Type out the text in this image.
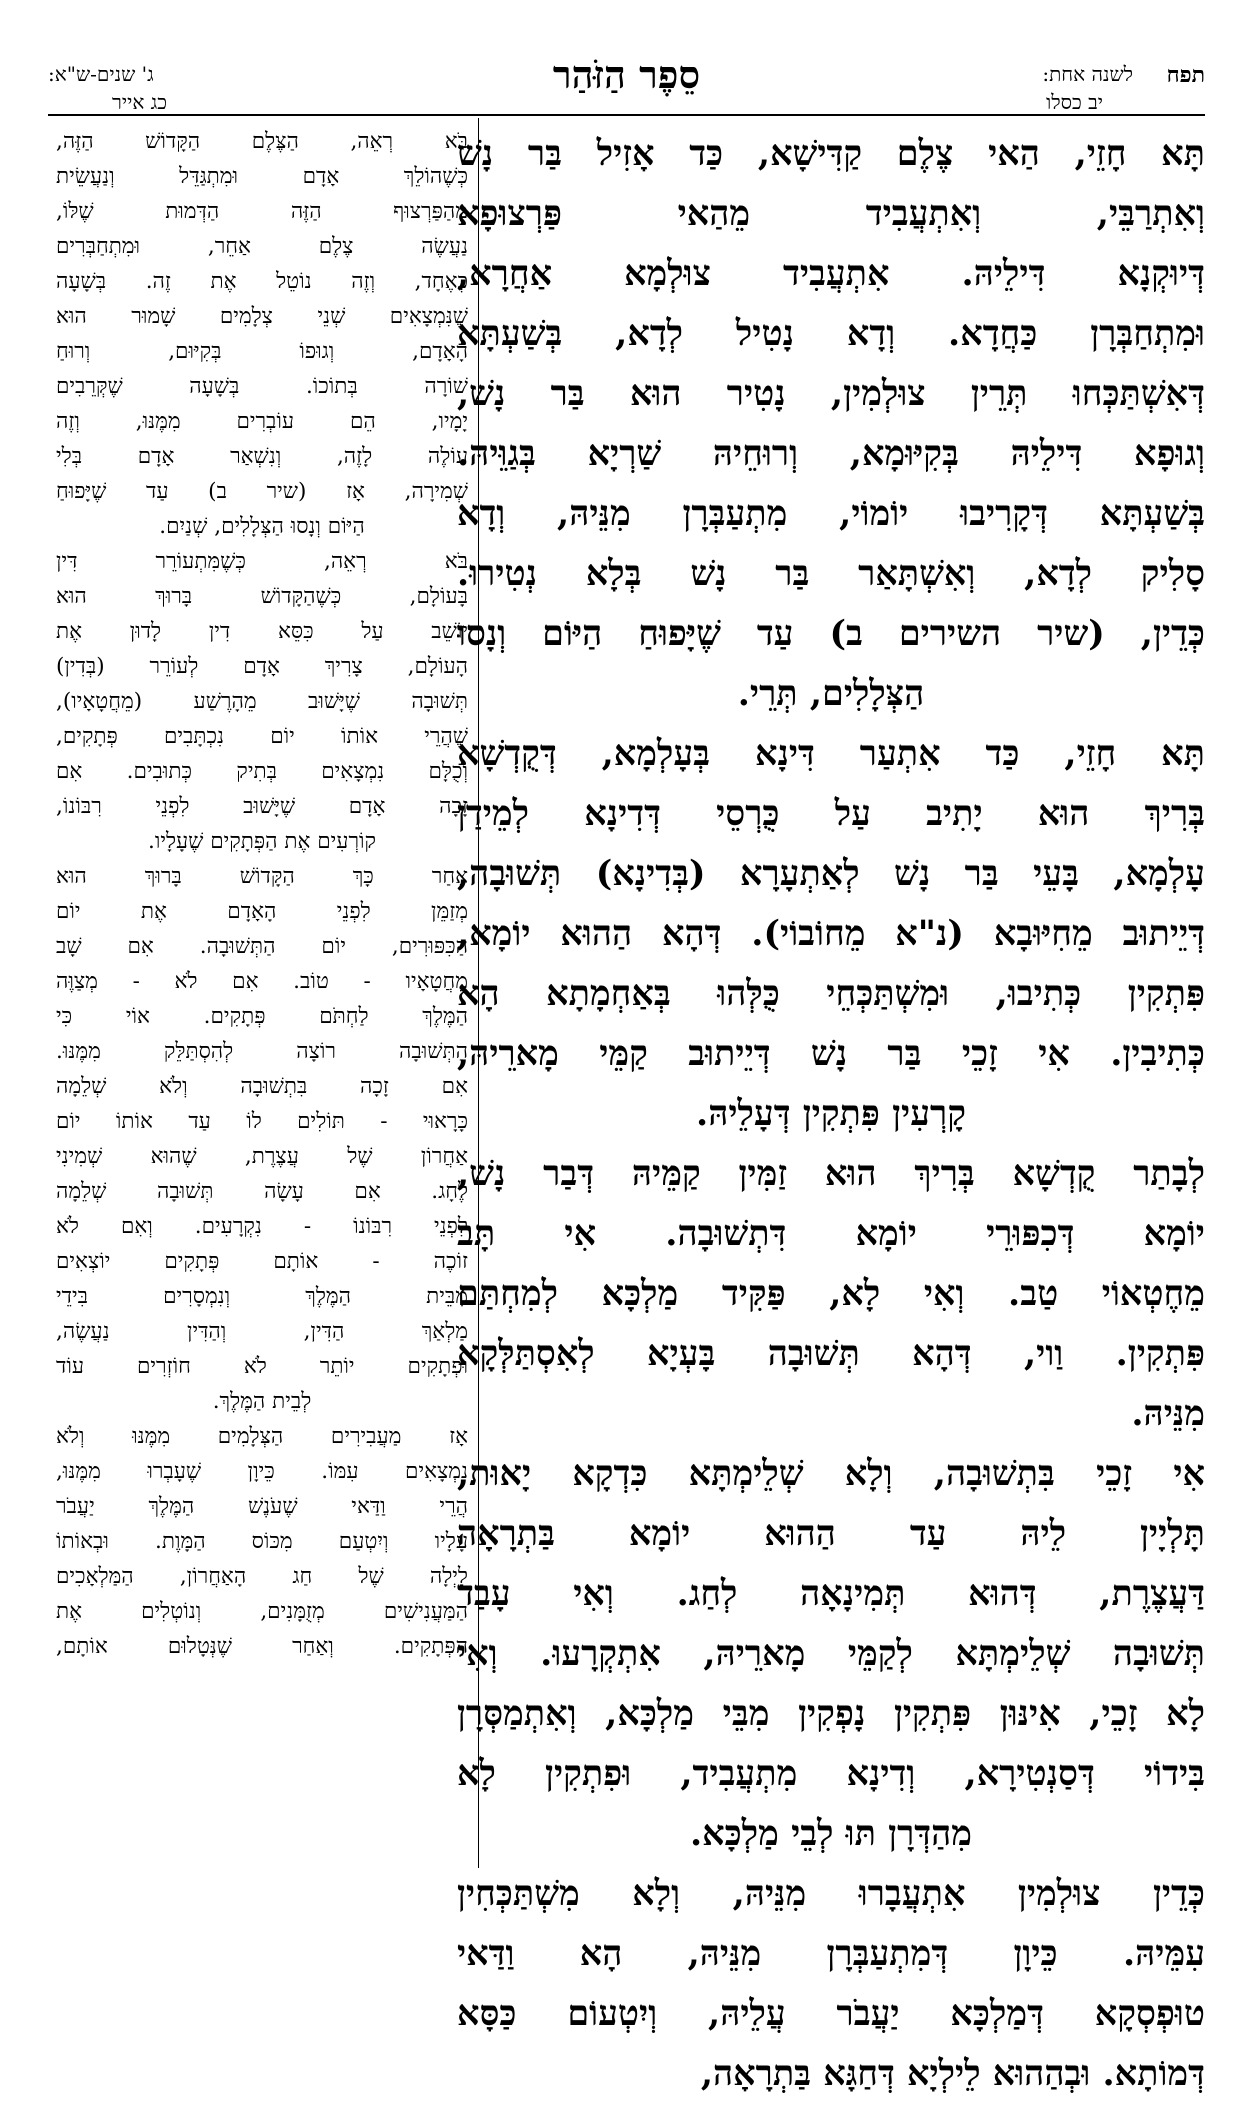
תפח
לשנה אחת:
יב כסלו
סֵפֶר הַזֹּהַר
ג' שנים-ש"א:
כג אייר

תָּא חָזֵי, הַאי צֶלֶם קַדִּישָׁא, כַּד אָזִיל בַּר נָשׁ

וְאִתְרַבֵּי, וְאִתְעֲבִיד מֵהַאי פַּרְצוּפָא

דְּיוּקְנָא דִּילֵיהּ. אִתְעֲבִיד צוּלְמָא אַחֲרָא,

וּמִתְחַבְּרָן כַּחֲדָא. וְדָא נָטִיל לְדָא, בְּשַׁעְתָּא

דְּאִשְׁתַּכְּחוּ תְּרֵין צוּלְמִין, נָטִיר הוּא בַּר נָשׁ,

וְגוּפָא דִּילֵיהּ בְּקִיּוּמָא, וְרוּחֵיהּ שַׁרְיָא בְּגַוֵּיהּ.

בְּשַׁעְתָּא דְּקָרִיבוּ יוֹמוֹי, מִתְעַבְּרָן מִנֵּיהּ, וְדָא

סָלִיק לְדָא, וְאִשְׁתָּאַר בַּר נָשׁ בְּלָא נְטִירוּ.

כְּדֵין, (שיר השירים ב) עַד שֶׁיָּפוּחַ הַיּוֹם וְנָסוּ

הַצְּלָלִים, תְּרֵי.

תָּא חָזֵי, כַּד אִתְעַר דִּינָא בְּעָלְמָא, דְּקֻדְשָׁא

בְּרִיךְ הוּא יָתִיב עַל כֻּרְסֵי דְּדִינָא לְמֵידַן

עָלְמָא, בָּעֵי בַּר נָשׁ לְאַתְעָרָא (בְּדִינָא) תְּשׁוּבָה,

דְּיֵיתוּב מֵחִיּוּבָא (נ"א מֵחוֹבוֹי). דְּהָא הַהוּא יוֹמָא,

פִּתְקִין כְּתִיבוּ, וּמִשְׁתַּכְּחֵי כֻּלְּהוּ בְּאַחְמָתָא הָא

כְּתִיבִין. אִי זָכֵי בַּר נָשׁ דְּיֵיתוּב קַמֵּי מָארֵיהּ,

קָרְעִין פִּתְקִין דְּעָלֵיהּ.

לְבָתַר קֻדְשָׁא בְּרִיךְ הוּא זַמִּין קַמֵּיהּ דְּבַר נָשׁ,

יוֹמָא דְּכִפּוּרֵי יוֹמָא דִּתְשׁוּבָה. אִי תָּב

מֵחֶטְאוֹי טַב. וְאִי לָא, פַּקִּיד מַלְכָּא לְמִחְתַּם

פִּתְקִין. וַוי, דְּהָא תְּשׁוּבָה בָּעְיָא לְאִסְתַּלְּקָא

מִנֵּיהּ.

אִי זָכֵי בִּתְשׁוּבָה, וְלָא שְׁלֵימְתָּא כִּדְקָא יָאוּת,

תָּלְיָין לֵיהּ עַד הַהוּא יוֹמָא בַּתְרָאָה

דַּעֲצֶרֶת, דְּהוּא תְּמִינָאָה לְחַג. וְאִי עָבַד

תְּשׁוּבָה שְׁלֵימְתָּא לְקַמֵּי מָארֵיהּ, אִתְקְרָעוּ. וְאִי

לָא זָכֵי, אִינּוּן פִּתְקִין נָפְקִין מִבֵּי מַלְכָּא, וְאִתְמַסְּרָן

בִּידוֹי דְּסַנְטִירָא, וְדִינָא מִתְעֲבִיד, וּפִתְקִין לָא

מִהַדְּרָן תּוּ לְבֵי מַלְכָּא.

כְּדֵין צוּלְמִין אִתְעֲבָרוּ מִנֵּיהּ, וְלָא מִשְׁתַּכְּחִין

עִמֵּיהּ. כֵּיוָן דְּמִתְעַבְּרָן מִנֵּיהּ, הָא וַדַּאי

טוּפְסְקָא דְּמַלְכָּא יַעֲבֹר עֲלֵיהּ, וְיִטְעוֹם כַּסָּא

דְּמוֹתָא. וּבְהַהוּא לֵילְיָא דְּחַגָּא בַּתְרָאָה,

בֹּא רְאֵה, הַצֶּלֶם הַקָּדוֹשׁ הַזֶּה,

כְּשֶׁהוֹלֵךְ אָדָם וּמִתְגַּדֵּל וְנַעֲשֵׂית

מֵהַפַּרְצוּף הַזֶּה הַדְּמוּת שֶׁלּוֹ,

נַעֲשֶׂה צֶלֶם אַחֵר, וּמִתְחַבְּרִים

כְּאֶחָד, וְזֶה נוֹטֵל אֶת זֶה. בְּשָׁעָה

שֶׁנִּמְצָאִים שְׁנֵי צְלָמִים שָׁמוּר הוּא

הָאָדָם, וְגוּפוֹ בְּקִיּוּם, וְרוּחַ

שׁוֹרָה בְּתוֹכוֹ. בְּשָׁעָה שֶׁקְּרֵבִים

יָמָיו, הֵם עוֹבְרִים מִמֶּנּוּ, וְזֶה

עוֹלֶה לָזֶה, וְנִשְׁאַר אָדָם בְּלִי

שְׁמִירָה, אָז (שיר ב) עַד שֶׁיָּפוּחַ

הַיּוֹם וְנָסוּ הַצְּלָלִים, שְׁנַיִם.

בֹּא רְאֵה, כְּשֶׁמִּתְעוֹרֵר דִּין

בָּעוֹלָם, כְּשֶׁהַקָּדוֹשׁ בָּרוּךְ הוּא

יוֹשֵׁב עַל כִּסֵּא דִין לָדוּן אֶת

הָעוֹלָם, צָרִיךְ אָדָם לְעוֹרֵר (בְּדִין)

תְּשׁוּבָה שֶׁיָּשׁוּב מֵהָרֶשַׁע (מֵחֲטָאָיו),

שֶׁהֲרֵי אוֹתוֹ יוֹם נִכְתָּבִים פְּתָקִים,

וְכֻלָּם נִמְצָאִים בְּתִיק כְּתוּבִים. אִם

זָכָה אָדָם שֶׁיָּשׁוּב לִפְנֵי רִבּוֹנוֹ,

קוֹרְעִים אֶת הַפְּתָקִים שֶׁעָלָיו.

אַחַר כָּךְ הַקָּדוֹשׁ בָּרוּךְ הוּא

מְזַמֵּן לִפְנֵי הָאָדָם אֶת יוֹם

הַכִּפּוּרִים, יוֹם הַתְּשׁוּבָה. אִם שָׁב

מֵחֲטָאָיו - טוֹב. אִם לֹא - מְצַוֶּה

הַמֶּלֶךְ לַחְתֹּם פְּתָקִים. אוֹי כִּי

הַתְּשׁוּבָה רוֹצָה לְהִסְתַּלֵּק מִמֶּנּוּ.

אִם זָכָה בִּתְשׁוּבָה וְלֹא שְׁלֵמָה

כָּרָאוּי - תּוֹלִים לוֹ עַד אוֹתוֹ יוֹם

אַחֲרוֹן שֶׁל עֲצֶרֶת, שֶׁהוּא שְׁמִינִי

לֶחָג. אִם עָשָׂה תְּשׁוּבָה שְׁלֵמָה

לִפְנֵי רִבּוֹנוֹ - נִקְרָעִים. וְאִם לֹא

זוֹכֶה - אוֹתָם פְּתָקִים יוֹצְאִים

מִבֵּית הַמֶּלֶךְ וְנִמְסָרִים בִּידֵי

מַלְאַךְ הַדִּין, וְהַדִּין נַעֲשֶׂה,

וּפְתָקִים יוֹתֵר לֹא חוֹזְרִים עוֹד

לְבֵית הַמֶּלֶךְ.

אָז מַעֲבִירִים הַצְּלָמִים מִמֶּנּוּ וְלֹא

נִמְצָאִים עִמּוֹ. כֵּיוָן שֶׁעָבְרוּ מִמֶּנּוּ,

הֲרֵי וַדַּאי שֶׁעֹנֶשׁ הַמֶּלֶךְ יַעֲבֹר

עָלָיו וְיִטְעַם מִכּוֹס הַמָּוֶת. וּבְאוֹתוֹ

לַיְלָה שֶׁל חַג הָאַחֲרוֹן, הַמַּלְאָכִים

הַמַּעֲנִישִׁים מְזֻמָּנִים, וְנוֹטְלִים אֶת

הַפְּתָקִים. וְאַחַר שֶׁנְּטָלוּם אוֹתָם,
